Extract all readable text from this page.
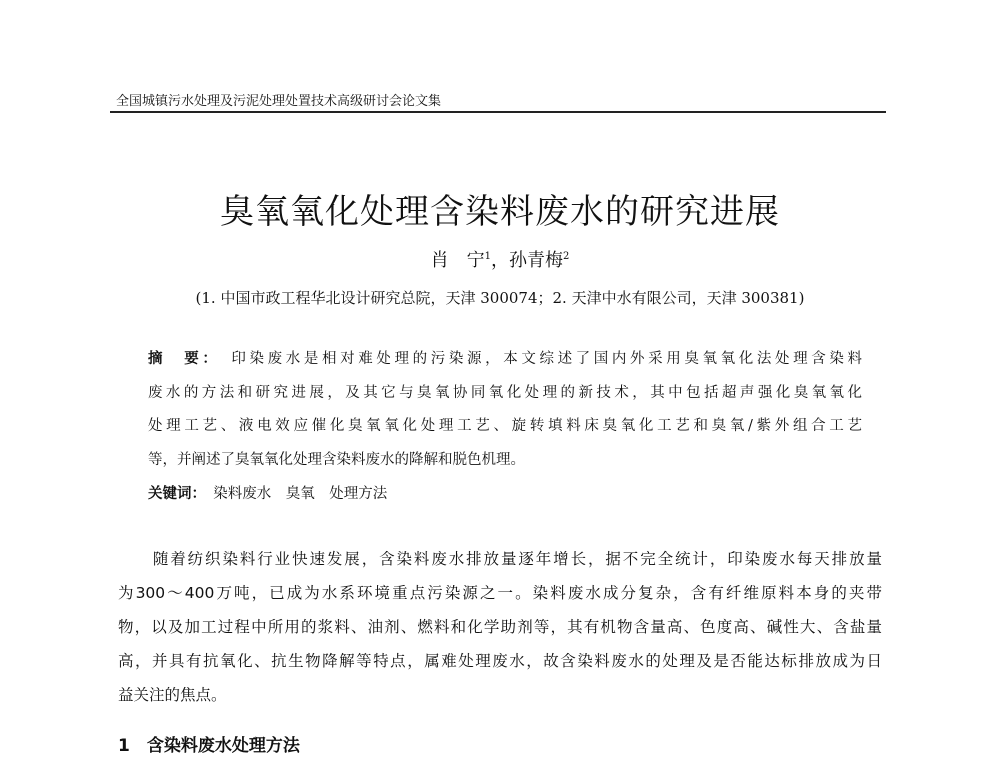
全国城镇污水处理及污泥处理处置技术高级研讨会论文集
臭氧氧化处理含染料废水的研究进展
肖　宁$^1$，孙青梅$^2$
(1. 中国市政工程华北设计研究总院，天津 300074；2. 天津中水有限公司，天津 300381)
摘　要：　 印染废水是相对难处理的污染源，本文综述了国内外采用臭氧氧化法处理含染料
废水的方法和研究进展，及其它与臭氧协同氧化处理的新技术，其中包括超声强化臭氧氧化
处理工艺、液电效应催化臭氧氧化处理工艺、旋转填料床臭氧化工艺和臭氧/紫外组合工艺
等，并阐述了臭氧氧化处理含染料废水的降解和脱色机理。
关键词：　 染料废水　臭氧　处理方法
　　随着纺织染料行业快速发展，含染料废水排放量逐年增长，据不完全统计，印染废水每天排放量
为300～400万吨，已成为水系环境重点污染源之一。染料废水成分复杂，含有纤维原料本身的夹带
物，以及加工过程中所用的浆料、油剂、燃料和化学助剂等，其有机物含量高、色度高、碱性大、含盐量
高，并具有抗氧化、抗生物降解等特点，属难处理废水，故含染料废水的处理及是否能达标排放成为日
益关注的焦点。
1　含染料废水处理方法
